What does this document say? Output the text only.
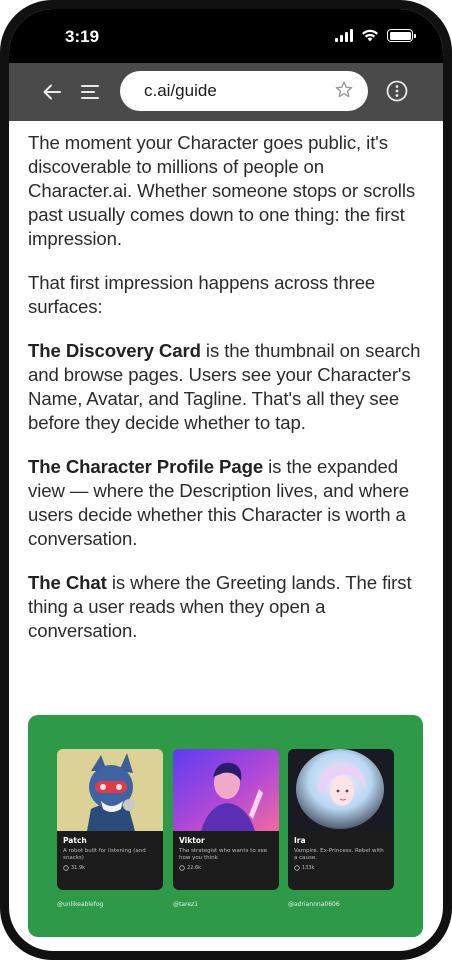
3:19
c.ai/guide

The moment your Character goes public, it's discoverable to millions of people on Character.ai. Whether someone stops or scrolls past usually comes down to one thing: the first impression.

That first impression happens across three surfaces:

The Discovery Card is the thumbnail on search and browse pages. Users see your Character's Name, Avatar, and Tagline. That's all they see before they decide whether to tap.

The Character Profile Page is the expanded view — where the Description lives, and where users decide whether this Character is worth a conversation.

The Chat is where the Greeting lands. The first thing a user reads when they open a conversation.

Patch
A robot built for listening (and snacks)
31.9k
@unlikeablefog
Viktor
The strategist who wants to see how you think
22.6k
@tarez1
Ira
Vampire. Ex-Princess. Rebel with a cause.
133k
@adriannna0606
